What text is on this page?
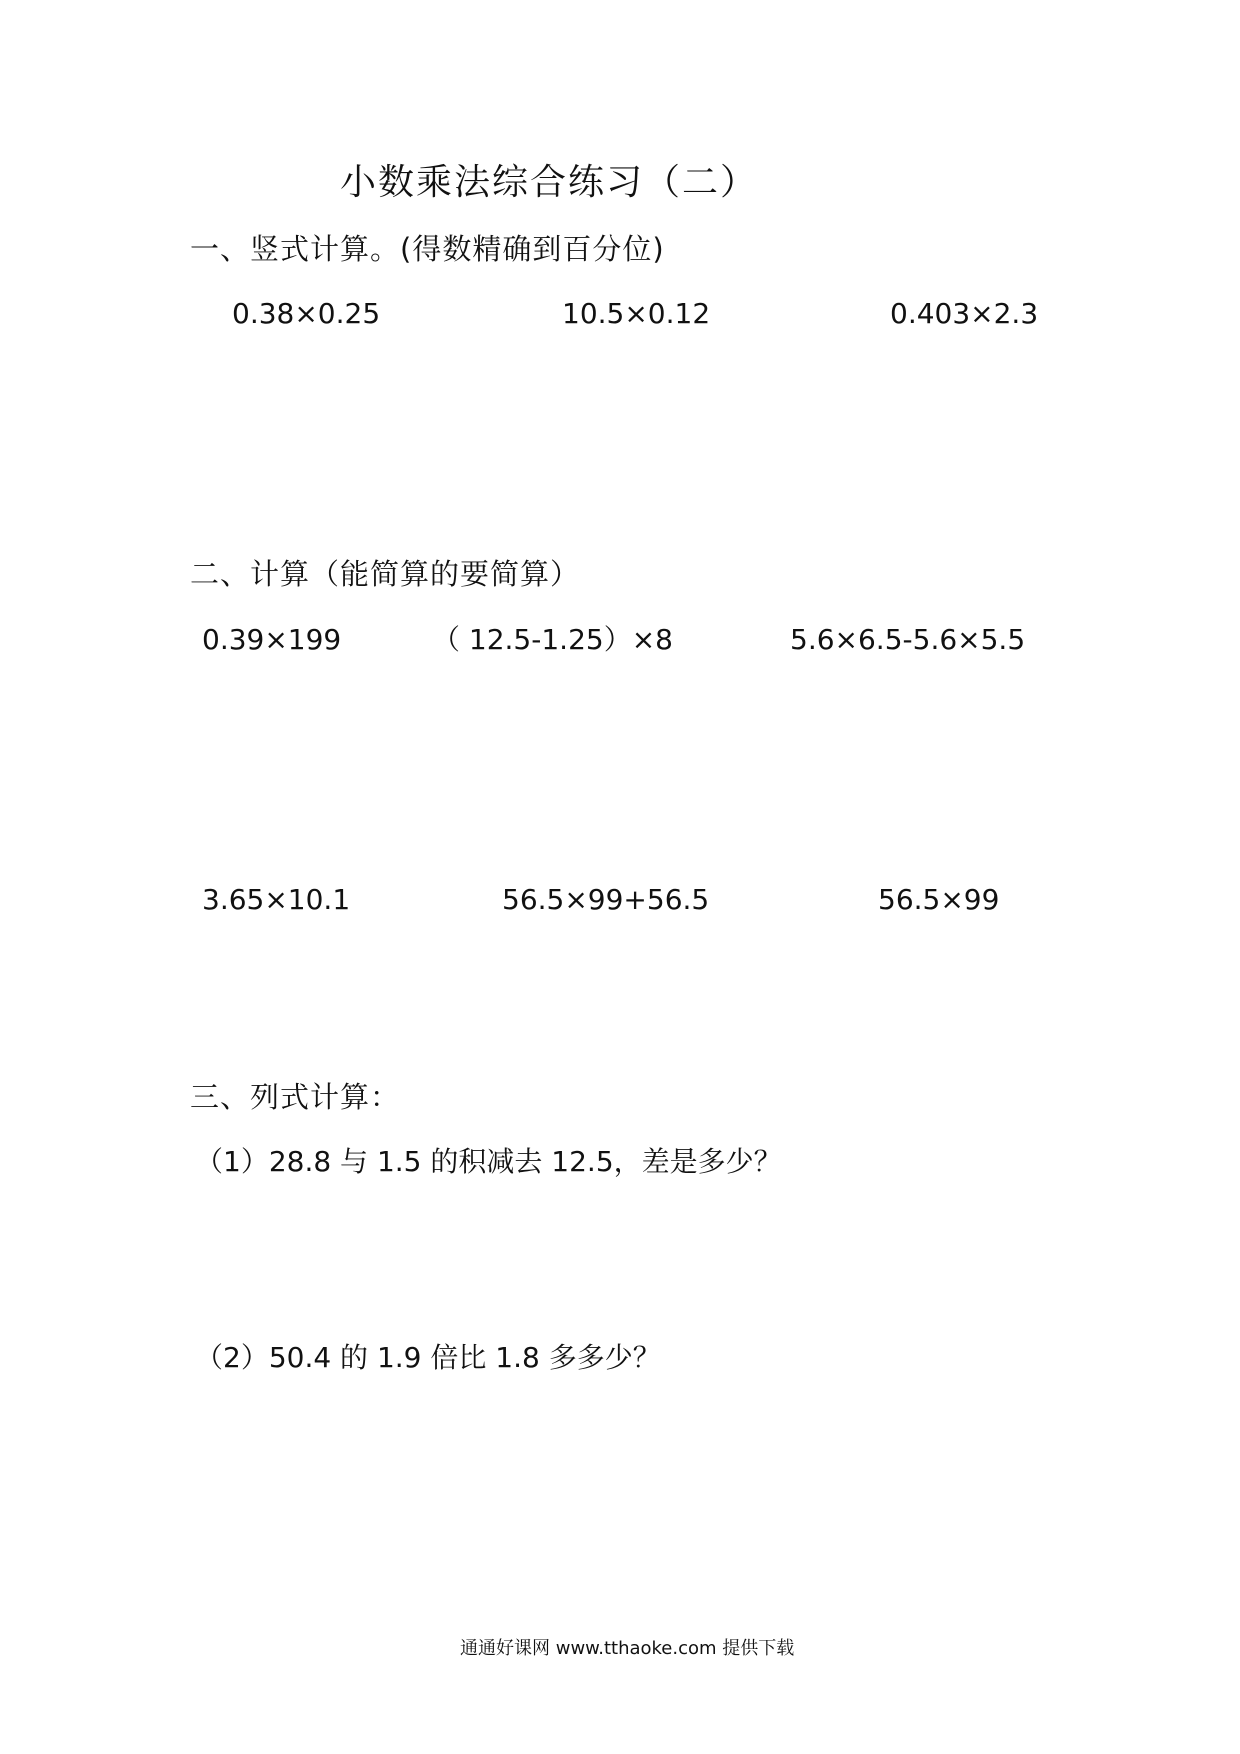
小数乘法综合练习（二）
一、竖式计算。(得数精确到百分位)
0.38×0.25	10.5×0.12	0.403×2.3
二、计算（能简算的要简算）
0.39×199	（ 12.5-1.25）×8	5.6×6.5-5.6×5.5
3.65×10.1	56.5×99+56.5	56.5×99
三、列式计算：
（1）28.8 与 1.5 的积减去 12.5，差是多少？
（2）50.4 的 1.9 倍比 1.8 多多少？
通通好课网 www.tthaoke.com 提供下载
